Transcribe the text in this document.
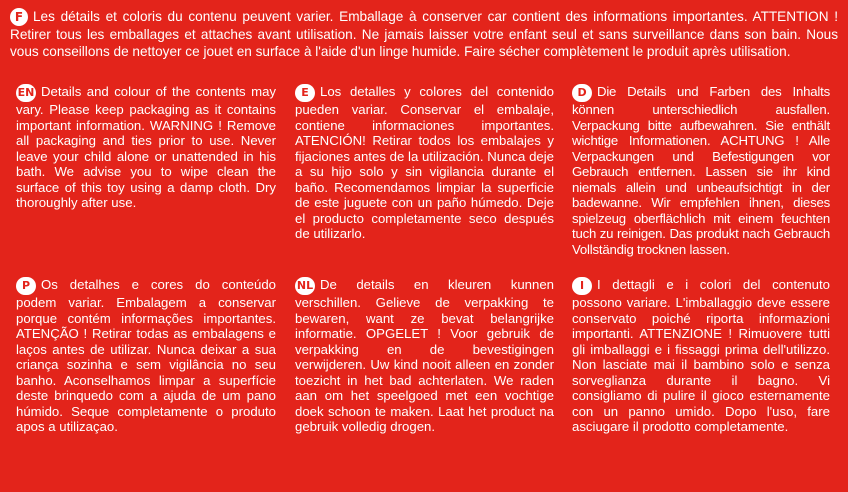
F Les détails et coloris du contenu peuvent varier. Emballage à conserver car contient des informations importantes. ATTENTION ! Retirer tous les emballages et attaches avant utilisation. Ne jamais laisser votre enfant seul et sans surveillance dans son bain. Nous vous conseillons de nettoyer ce jouet en surface à l'aide d'un linge humide. Faire sécher complètement le produit après utilisation.
EN Details and colour of the contents may vary. Please keep packaging as it contains important information. WARNING ! Remove all packaging and ties prior to use. Never leave your child alone or unattended in his bath. We advise you to wipe clean the surface of this toy using a damp cloth. Dry thoroughly after use.
E Los detalles y colores del contenido pueden variar. Conservar el embalaje, contiene informaciones importantes. ATENCIÓN! Retirar todos los embalajes y fijaciones antes de la utilización. Nunca deje a su hijo solo y sin vigilancia durante el baño. Recomendamos limpiar la superficie de este juguete con un paño húmedo. Deje el producto completamente seco después de utilizarlo.
D Die Details und Farben des Inhalts können unterschiedlich ausfallen. Verpackung bitte aufbewahren. Sie enthält wichtige Informationen. ACHTUNG ! Alle Verpackungen und Befestigungen vor Gebrauch entfernen. Lassen sie ihr kind niemals allein und unbeaufsichtigt in der badewanne. Wir empfehlen ihnen, dieses spielzeug oberflächlich mit einem feuchten tuch zu reinigen. Das produkt nach Gebrauch Vollständig trocknen lassen.
P Os detalhes e cores do conteúdo podem variar. Embalagem a conservar porque contém informações importantes. ATENÇÃO ! Retirar todas as embalagens e laços antes de utilizar. Nunca deixar a sua criança sozinha e sem vigilância no seu banho. Aconselhamos limpar a superfície deste brinquedo com a ajuda de um pano húmido. Seque completamente o produto apos a utilizaçao.
NL De details en kleuren kunnen verschillen. Gelieve de verpakking te bewaren, want ze bevat belangrijke informatie. OPGELET ! Voor gebruik de verpakking en de bevestigingen verwijderen. Uw kind nooit alleen en zonder toezicht in het bad achterlaten. We raden aan om het speelgoed met een vochtige doek schoon te maken. Laat het product na gebruik volledig drogen.
I I dettagli e i colori del contenuto possono variare. L'imballaggio deve essere conservato poiché riporta informazioni importanti. ATTENZIONE ! Rimuovere tutti gli imballaggi e i fissaggi prima dell'utilizzo. Non lasciate mai il bambino solo e senza sorveglianza durante il bagno. Vi consigliamo di pulire il gioco esternamente con un panno umido. Dopo l'uso, fare asciugare il prodotto completamente.
